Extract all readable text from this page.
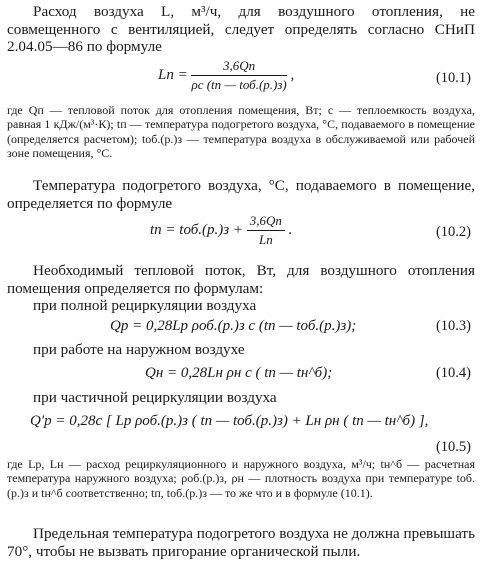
Расход воздуха L, м³/ч, для воздушного отопления, не совмещенного с вентиляцией, следует определять согласно СНиП 2.04.05—86 по формуле

Lп = $\frac{3,6Qп}{\text{ρc (tп — tоб.(р.)з)}}$ ,	(10.1)

где Qп — тепловой поток для отопления помещения, Вт; с — теплоемкость воздуха, равная 1 кДж/(м³·К); tп — температура подогретого воздуха, °С, подаваемого в помещение (определяется расчетом); tоб.(р.)з — температура воздуха в обслуживаемой или рабочей зоне помещения, °С.

Температура подогретого воздуха, °С, подаваемого в помещение, определяется по формуле

tп = $tоб.(р.)з + \frac{3,6Qп}{Lп}$ .	(10.2)

Необходимый тепловой поток, Вт, для воздушного отопления помещения определяется по формулам:

при полной рециркуляции воздуха

Qр = 0,28Lр ρоб.(р.)з c (tп — tоб.(р.)з);	(10.3)

при работе на наружном воздухе

Qн = 0,28Lн ρн c ( tп — tн^б);	(10.4)

при частичной рециркуляции воздуха

Q′р = 0,28c [ Lр ρоб.(р.)з ( tп — tоб.(р.)з) + Lн ρн ( tп — tн^б) ],
(10.5)

где Lр, Lн — расход рециркуляционного и наружного воздуха, м³/ч; tн^б — расчетная температура наружного воздуха; ρоб.(р.)з, ρн — плотность воздуха при температуре tоб.(р.)з и tн^б соответственно; tп, tоб.(р.)з — то же что и в формуле (10.1).

Предельная температура подогретого воздуха не должна превышать 70°, чтобы не вызвать пригорание органической пыли.
